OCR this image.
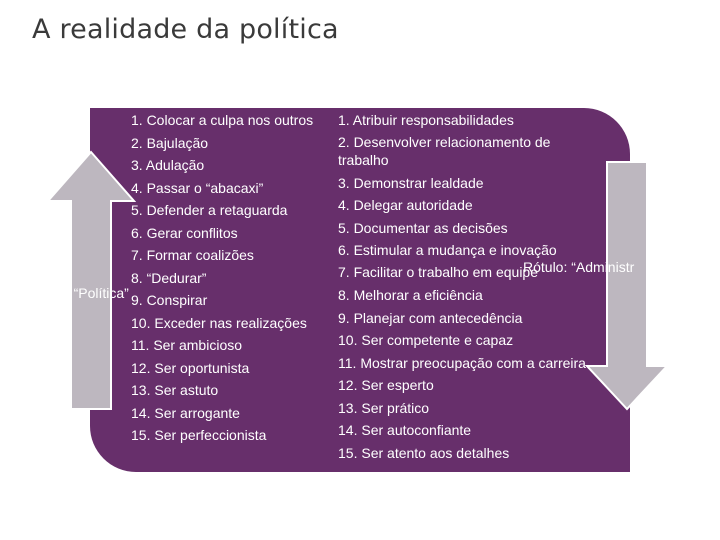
A realidade da política
1. Colocar a culpa nos outros
2. Bajulação
3. Adulação
4. Passar o “abacaxi”
5. Defender a retaguarda
6. Gerar conflitos
7. Formar coalizões
8. “Dedurar”
9. Conspirar
10. Exceder nas realizações
11. Ser ambicioso
12. Ser oportunista
13. Ser astuto
14. Ser arrogante
15. Ser perfeccionista
1. Atribuir responsabilidades
2. Desenvolver relacionamento de
trabalho
3. Demonstrar lealdade
4. Delegar autoridade
5. Documentar as decisões
6. Estimular a mudança e inovação
7. Facilitar o trabalho em equipe
8. Melhorar a eficiência
9. Planejar com antecedência
10. Ser competente e capaz
11. Mostrar preocupação com a carreira
12. Ser esperto
13. Ser prático
14. Ser autoconfiante
15. Ser atento aos detalhes
o: “Política”
Rótulo: “Administr
